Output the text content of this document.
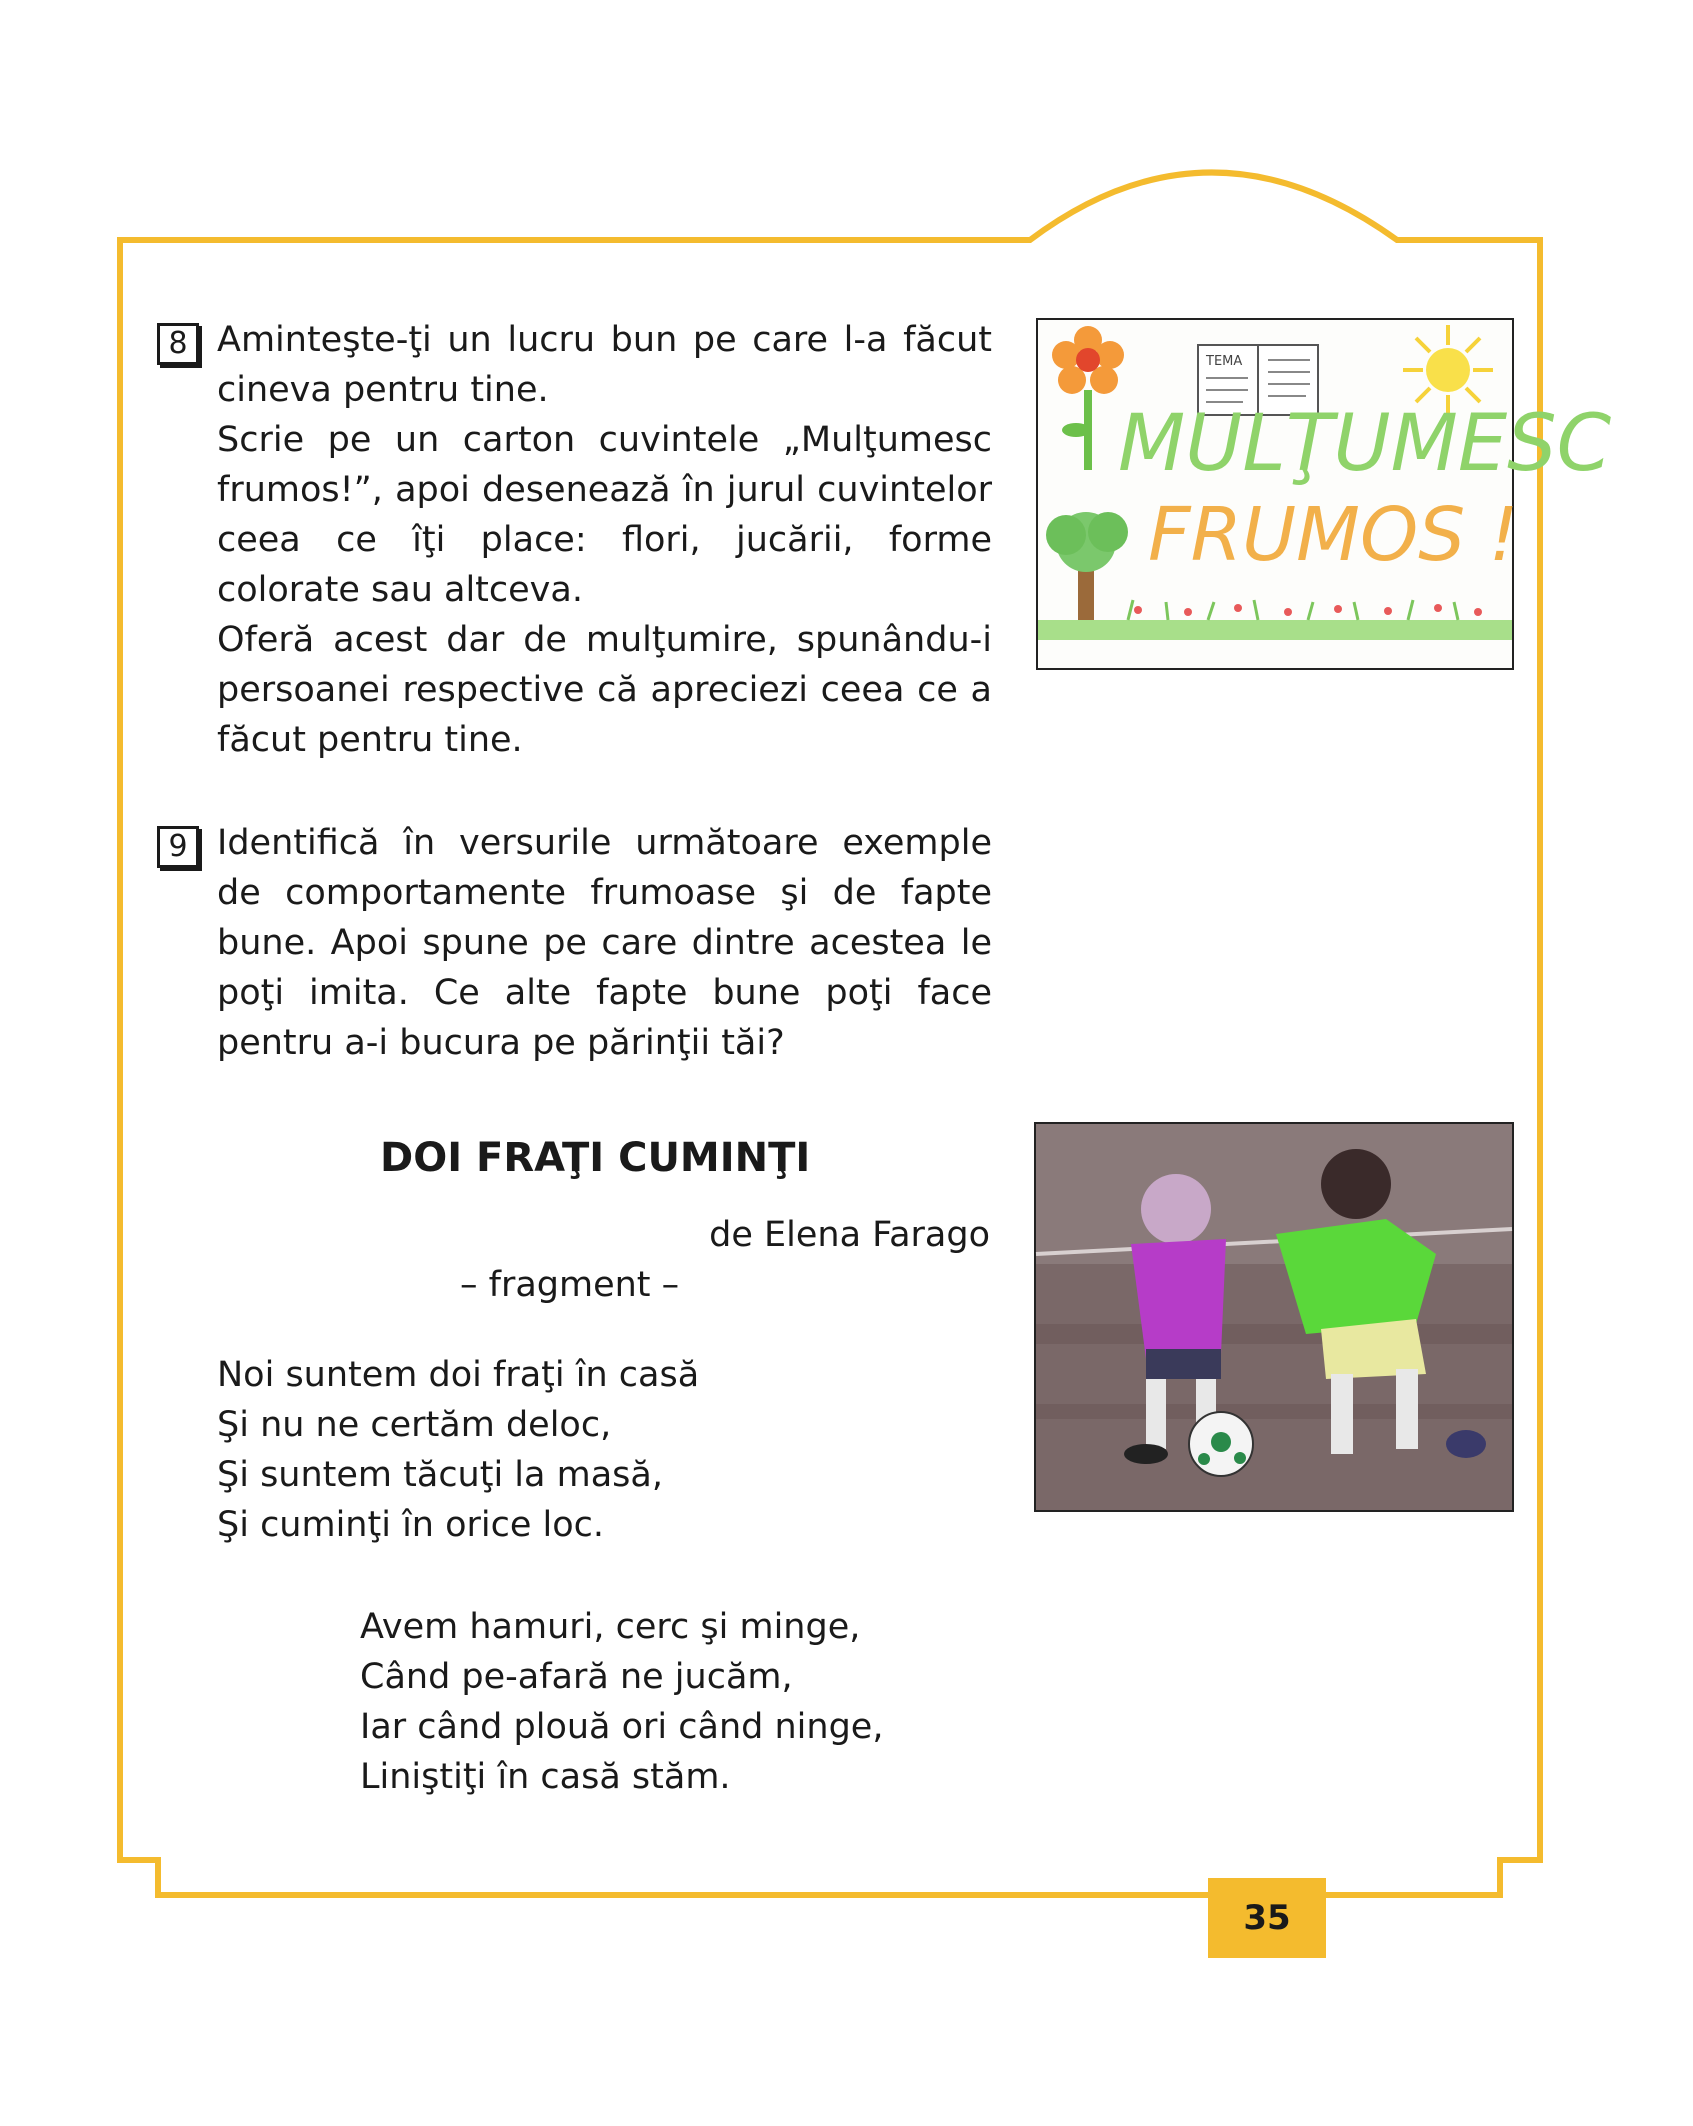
8 Aminteşte-ţi un lucru bun pe care l-a făcut cineva pentru tine.

Scrie pe un carton cuvintele „Mulţumesc frumos!”, apoi desenează în jurul cuvintelor ceea ce îţi place: flori, jucării, forme colorate sau altceva.

Oferă acest dar de mulţumire, spunându-i persoanei respective că apreciezi ceea ce a făcut pentru tine.

9 Identifică în versurile următoare exemple de comportamente frumoase şi de fapte bune. Apoi spune pe care dintre acestea le poţi imita. Ce alte fapte bune poţi face pentru a-i bucura pe părinţii tăi?

DOI FRAŢI CUMINŢI
de Elena Farago
– fragment –
Noi suntem doi fraţi în casă
Şi nu ne certăm deloc,
Şi suntem tăcuţi la masă,
Şi cuminţi în orice loc.
Avem hamuri, cerc şi minge,
Când pe-afară ne jucăm,
Iar când plouă ori când ninge,
Liniştiţi în casă stăm.
TEMA
MULŢUMESC
FRUMOS !
35
